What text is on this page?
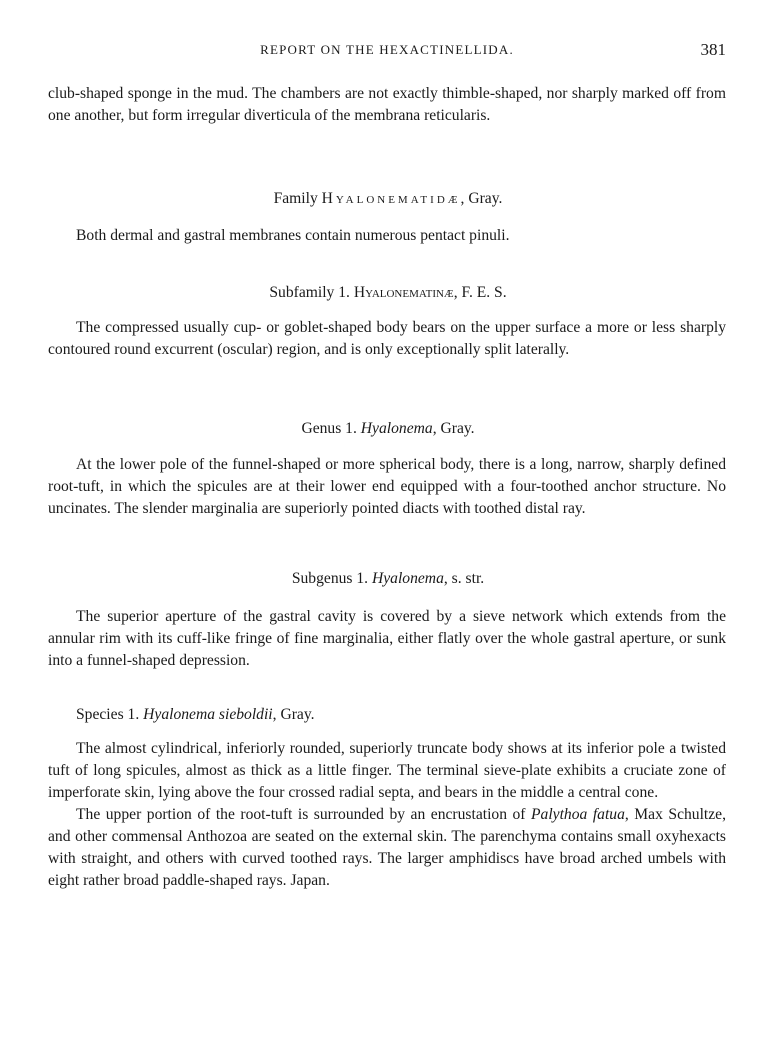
REPORT ON THE HEXACTINELLIDA.	381

club-shaped sponge in the mud. The chambers are not exactly thimble-shaped, nor sharply marked off from one another, but form irregular diverticula of the membrana reticularis.

Family Hyalonematidæ, Gray.

Both dermal and gastral membranes contain numerous pentact pinuli.

Subfamily 1. Hyalonematinæ, F. E. S.

The compressed usually cup- or goblet-shaped body bears on the upper surface a more or less sharply contoured round excurrent (oscular) region, and is only exceptionally split laterally.

Genus 1. Hyalonema, Gray.

At the lower pole of the funnel-shaped or more spherical body, there is a long, narrow, sharply defined root-tuft, in which the spicules are at their lower end equipped with a four-toothed anchor structure. No uncinates. The slender marginalia are superiorly pointed diacts with toothed distal ray.

Subgenus 1. Hyalonema, s. str.

The superior aperture of the gastral cavity is covered by a sieve network which extends from the annular rim with its cuff-like fringe of fine marginalia, either flatly over the whole gastral aperture, or sunk into a funnel-shaped depression.

Species 1. Hyalonema sieboldii, Gray.

The almost cylindrical, inferiorly rounded, superiorly truncate body shows at its inferior pole a twisted tuft of long spicules, almost as thick as a little finger. The terminal sieve-plate exhibits a cruciate zone of imperforate skin, lying above the four crossed radial septa, and bears in the middle a central cone.

The upper portion of the root-tuft is surrounded by an encrustation of Palythoa fatua, Max Schultze, and other commensal Anthozoa are seated on the external skin. The parenchyma contains small oxyhexacts with straight, and others with curved toothed rays. The larger amphidiscs have broad arched umbels with eight rather broad paddle-shaped rays. Japan.
